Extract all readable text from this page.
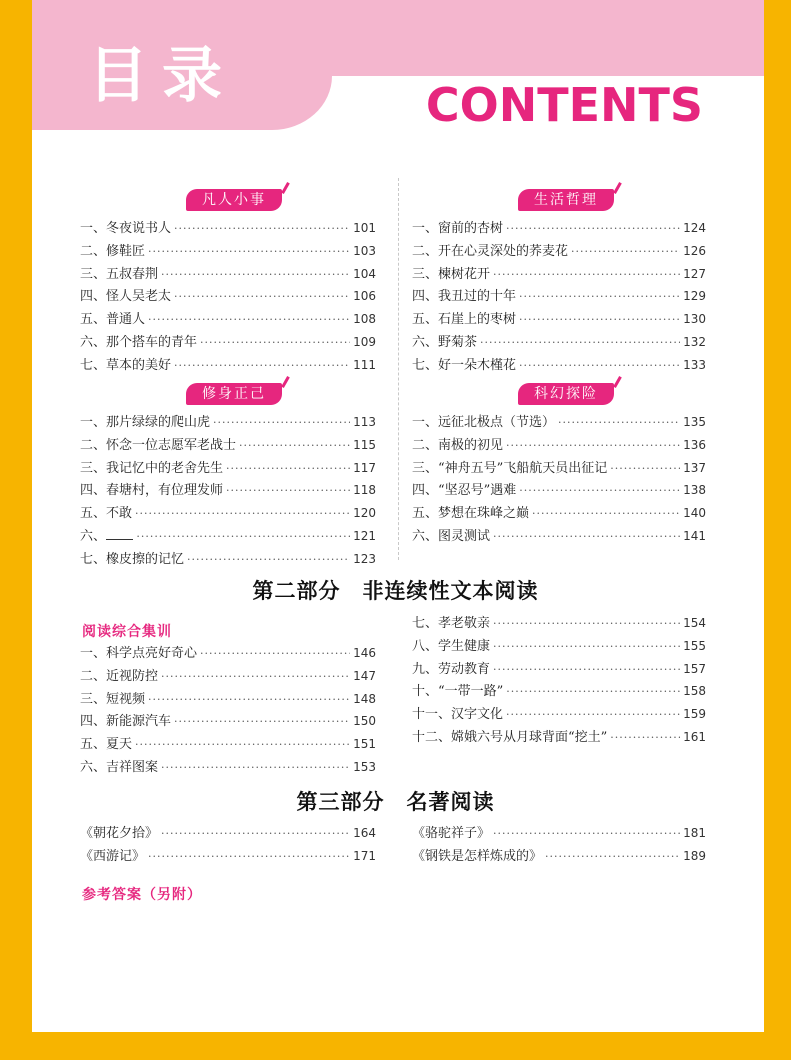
目录	CONTENTS
凡人小事	生活哲理
修身正己	科幻探险
一、冬夜说书人 ·····	101
二、修鞋匠 ·····	103
三、五叔春荆 ·····	104
四、怪人吴老太 ·····	106
五、普通人 ·····	108
六、那个搭车的青年 ·····	109
七、草本的美好 ·····	111
一、窗前的杏树 ·····	124
二、开在心灵深处的荞麦花 ·····	126
三、楝树花开 ·····	127
四、我丑过的十年 ·····	129
五、石崖上的枣树 ·····	130
六、野菊茶 ·····	132
七、好一朵木槿花 ·····	133
一、那片绿绿的爬山虎 ·····	113
二、怀念一位志愿军老战士 ·····	115
三、我记忆中的老舍先生 ·····	117
四、春塘村，有位理发师 ·····	118
五、不敢 ·····	120
六、 ·····	121
七、橡皮擦的记忆 ·····	123
一、远征北极点（节选） ·····	135
二、南极的初见 ·····	136
三、“神舟五号”飞船航天员出征记 ·····	137
四、“坚忍号”遇难 ·····	138
五、梦想在珠峰之巅 ·····	140
六、图灵测试 ·····	141
第二部分　非连续性文本阅读
阅读综合集训
一、科学点亮好奇心 ·····	146
二、近视防控 ·····	147
三、短视频 ·····	148
四、新能源汽车 ·····	150
五、夏天 ·····	151
六、吉祥图案 ·····	153
七、孝老敬亲 ·····	154
八、学生健康 ·····	155
九、劳动教育 ·····	157
十、“一带一路” ·····	158
十一、汉字文化 ·····	159
十二、嫦娥六号从月球背面“挖土” ·····	161
第三部分　名著阅读
《朝花夕拾》 ·····	164
《西游记》 ·····	171
《骆驼祥子》 ·····	181
《钢铁是怎样炼成的》 ·····	189
参考答案（另附）
